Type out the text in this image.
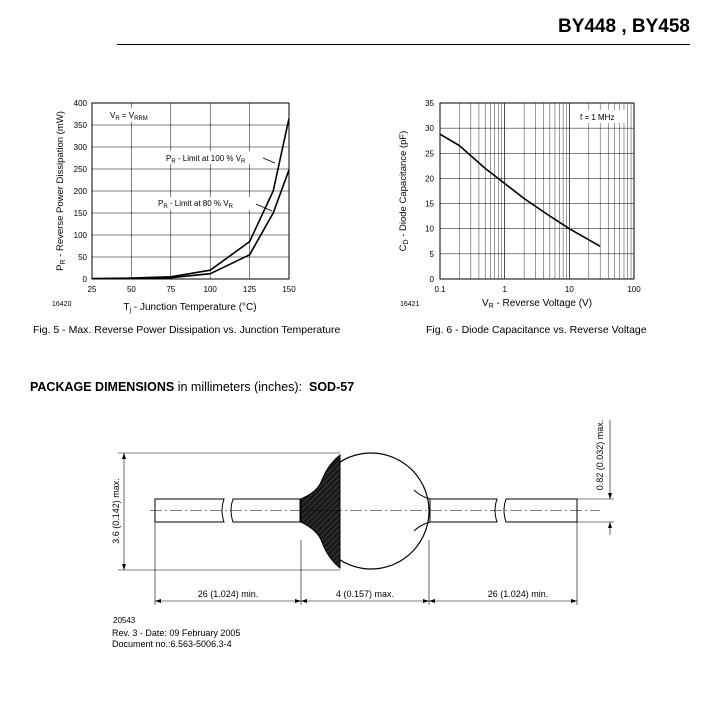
BY448 , BY458
0
50
100
150
200
250
300
350
400
25	50	75	100	125	150
$P_R$ - Reverse Power Dissipation (mW)
$T_j$ - Junction Temperature (°C)
16420
$V_R = V_{RRM}$
$P_R$ - Limit at 100 % $V_R$
$P_R$ - Limit at 80 % $V_R$
0
5
10
15
20
25
30
35
0.1	1	10	100
f = 1 MHz
$C_D$ - Diode Capacitance (pF)
$V_R$ - Reverse Voltage (V)
16421
Fig. 5 - Max. Reverse Power Dissipation vs. Junction Temperature	Fig. 6 - Diode Capacitance vs. Reverse Voltage
PACKAGE DIMENSIONS in millimeters (inches): SOD-57
26 (1.024) min.	4 (0.157) max.	26 (1.024) min.
3.6 (0.142) max.
0.82 (0.032) max.
20543
Rev. 3 - Date: 09 February 2005
Document no.:6.563-5006.3-4
